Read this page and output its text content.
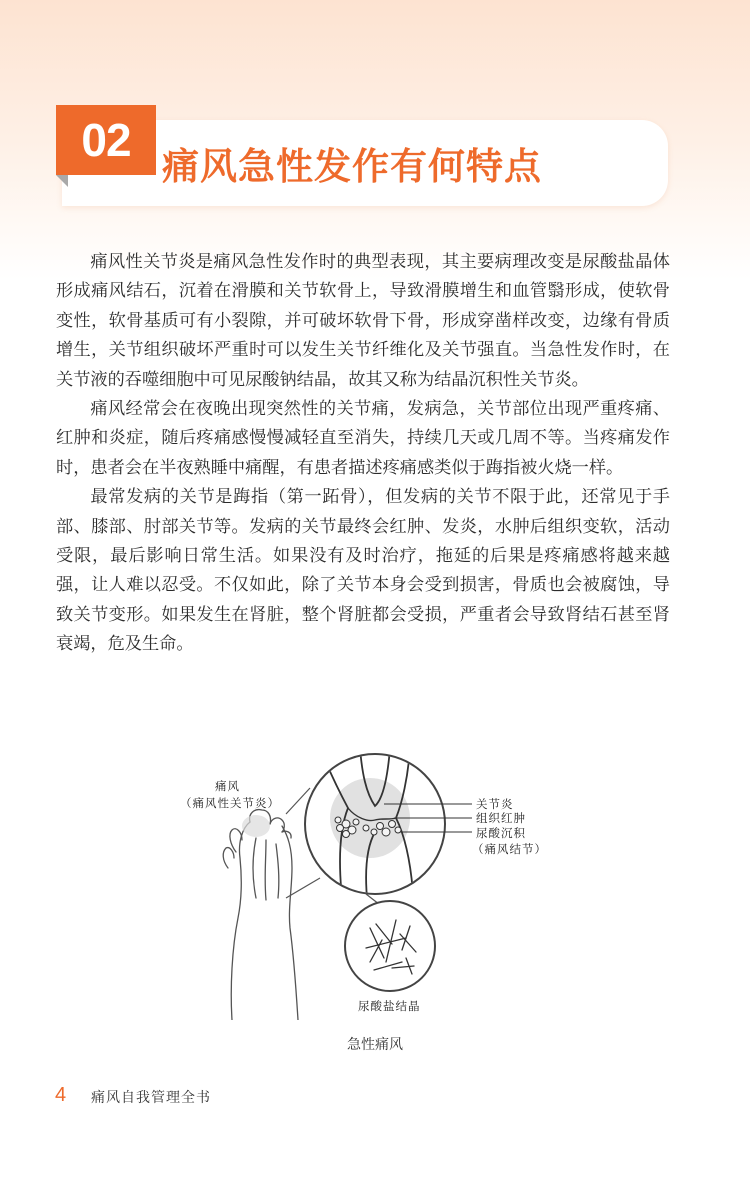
02
痛风急性发作有何特点

痛风性关节炎是痛风急性发作时的典型表现，其主要病理改变是尿酸盐晶体形成痛风结石，沉着在滑膜和关节软骨上，导致滑膜增生和血管翳形成，使软骨变性，软骨基质可有小裂隙，并可破坏软骨下骨，形成穿凿样改变，边缘有骨质增生，关节组织破坏严重时可以发生关节纤维化及关节强直。当急性发作时，在关节液的吞噬细胞中可见尿酸钠结晶，故其又称为结晶沉积性关节炎。

痛风经常会在夜晚出现突然性的关节痛，发病急，关节部位出现严重疼痛、红肿和炎症，随后疼痛感慢慢减轻直至消失，持续几天或几周不等。当疼痛发作时，患者会在半夜熟睡中痛醒，有患者描述疼痛感类似于踇指被火烧一样。

最常发病的关节是踇指（第一跖骨），但发病的关节不限于此，还常见于手部、膝部、肘部关节等。发病的关节最终会红肿、发炎，水肿后组织变软，活动受限，最后影响日常生活。如果没有及时治疗，拖延的后果是疼痛感将越来越强，让人难以忍受。不仅如此，除了关节本身会受到损害，骨质也会被腐蚀，导致关节变形。如果发生在肾脏，整个肾脏都会受损，严重者会导致肾结石甚至肾衰竭，危及生命。

痛风
（痛风性关节炎）	关节炎
组织红肿
尿酸沉积
（痛风结节）
尿酸盐结晶
急性痛风
4 痛风自我管理全书
